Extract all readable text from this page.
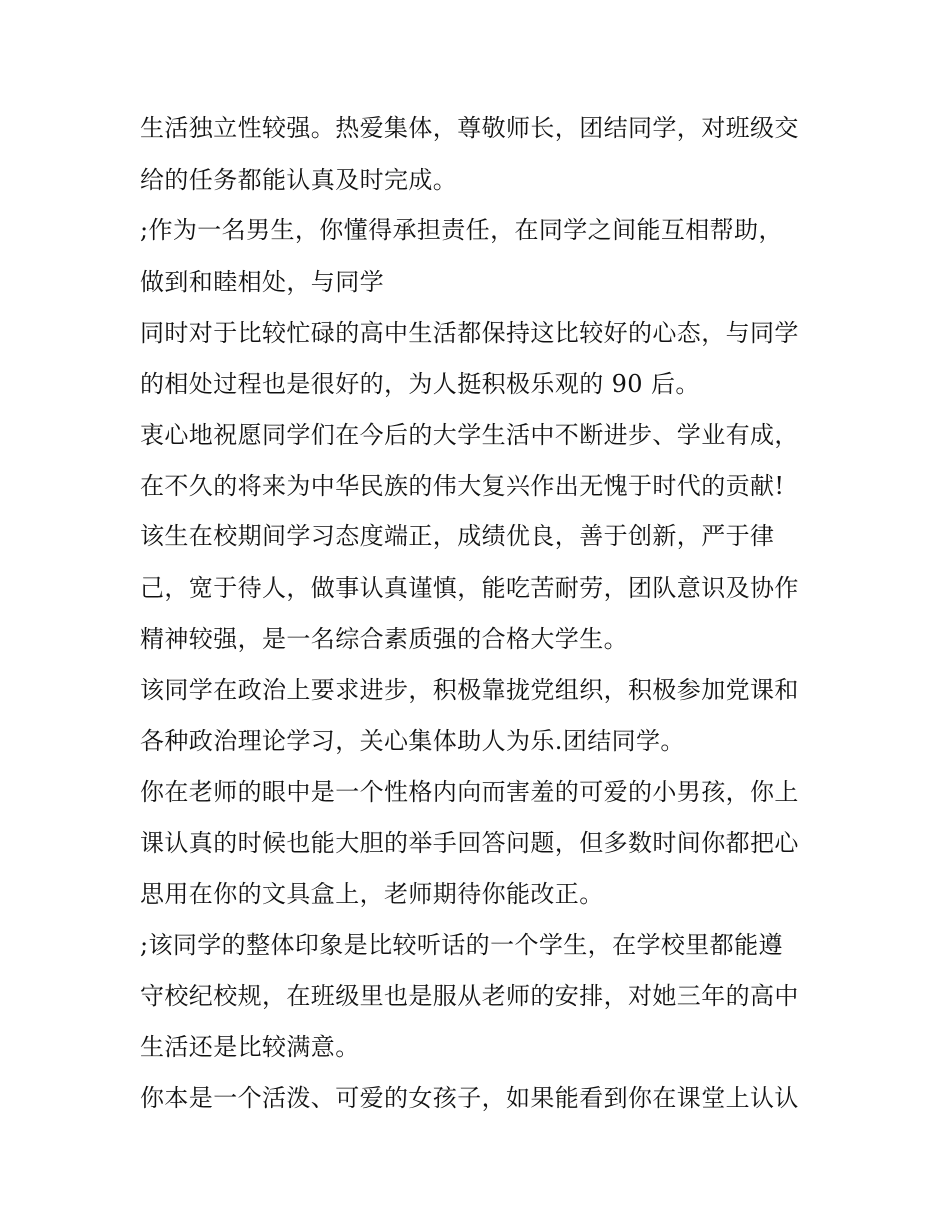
生活独立性较强。热爱集体，尊敬师长，团结同学，对班级交

给的任务都能认真及时完成。

;作为一名男生，你懂得承担责任，在同学之间能互相帮助，

做到和睦相处，与同学

同时对于比较忙碌的高中生活都保持这比较好的心态，与同学

的相处过程也是很好的，为人挺积极乐观的 90 后。

衷心地祝愿同学们在今后的大学生活中不断进步、学业有成，

在不久的将来为中华民族的伟大复兴作出无愧于时代的贡献!

该生在校期间学习态度端正，成绩优良，善于创新，严于律

己，宽于待人，做事认真谨慎，能吃苦耐劳，团队意识及协作

精神较强，是一名综合素质强的合格大学生。

该同学在政治上要求进步，积极靠拢党组织，积极参加党课和

各种政治理论学习，关心集体助人为乐.团结同学。

你在老师的眼中是一个性格内向而害羞的可爱的小男孩，你上

课认真的时候也能大胆的举手回答问题，但多数时间你都把心

思用在你的文具盒上，老师期待你能改正。

;该同学的整体印象是比较听话的一个学生，在学校里都能遵

守校纪校规，在班级里也是服从老师的安排，对她三年的高中

生活还是比较满意。

你本是一个活泼、可爱的女孩子，如果能看到你在课堂上认认
